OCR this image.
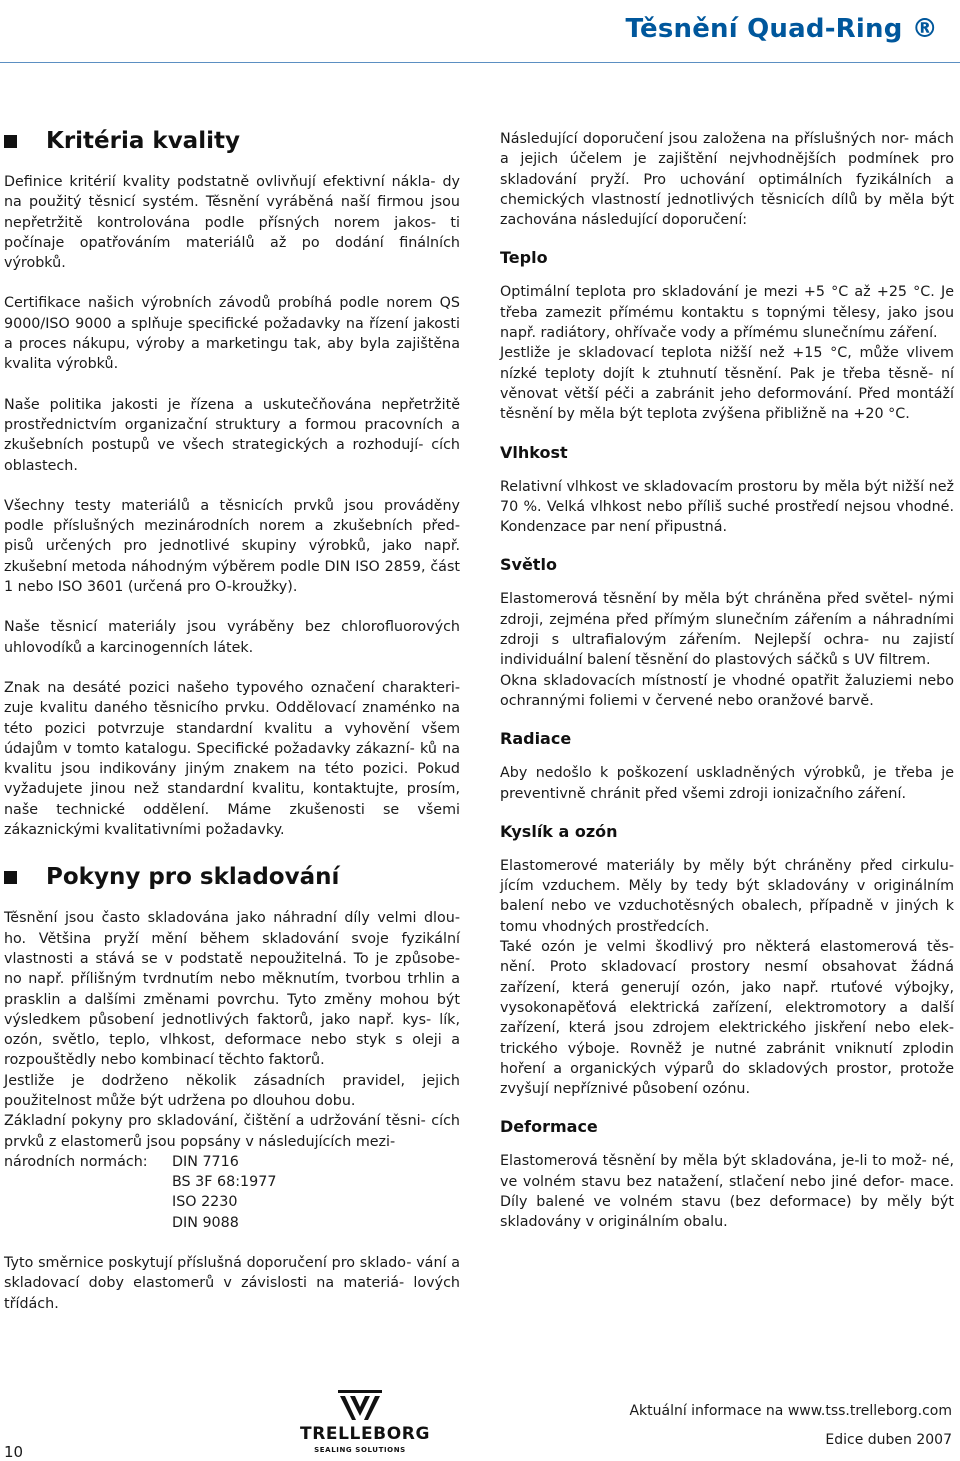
Těsnění Quad-Ring ®
Kritéria kvality

Definice kritérií kvality podstatně ovlivňují efektivní nákla- dy na použitý těsnicí systém. Těsnění vyráběná naší firmou jsou nepřetržitě kontrolována podle přísných norem jakos- ti počínaje opatřováním materiálů až po dodání finálních výrobků.

Certifikace našich výrobních závodů probíhá podle norem QS 9000/ISO 9000 a splňuje specifické požadavky na řízení jakosti a proces nákupu, výroby a marketingu tak, aby byla zajištěna kvalita výrobků.

Naše politika jakosti je řízena a uskutečňována nepřetržitě prostřednictvím organizační struktury a formou pracovních a zkušebních postupů ve všech strategických a rozhodují- cích oblastech.

Všechny testy materiálů a těsnicích prvků jsou prováděny podle příslušných mezinárodních norem a zkušebních před- pisů určených pro jednotlivé skupiny výrobků, jako např. zkušební metoda náhodným výběrem podle DIN ISO 2859, část 1 nebo ISO 3601 (určená pro O-kroužky).

Naše těsnicí materiály jsou vyráběny bez chlorofluorových uhlovodíků a karcinogenních látek.

Znak na desáté pozici našeho typového označení charakteri- zuje kvalitu daného těsnicího prvku. Oddělovací znaménko na této pozici potvrzuje standardní kvalitu a vyhovění všem údajům v tomto katalogu. Specifické požadavky zákazní- ků na kvalitu jsou indikovány jiným znakem na této pozici. Pokud vyžadujete jinou než standardní kvalitu, kontaktujte, prosím, naše technické oddělení. Máme zkušenosti se všemi zákaznickými kvalitativními požadavky.

Pokyny pro skladování

Těsnění jsou často skladována jako náhradní díly velmi dlou- ho. Většina pryží mění během skladování svoje fyzikální vlastnosti a stává se v podstatě nepoužitelná. To je způsobe- no např. přílišným tvrdnutím nebo měknutím, tvorbou trhlin a prasklin a dalšími změnami povrchu. Tyto změny mohou být výsledkem působení jednotlivých faktorů, jako např. kys- lík, ozón, světlo, teplo, vlhkost, deformace nebo styk s oleji a rozpouštědly nebo kombinací těchto faktorů.

Jestliže je dodrženo několik zásadních pravidel, jejich použitelnost může být udržena po dlouhou dobu.

Základní pokyny pro skladování, čištění a udržování těsni- cích prvků z elastomerů jsou popsány v následujících mezi-

národních normách:	DIN 7716
BS 3F 68:1977
ISO 2230
DIN 9088

Tyto směrnice poskytují příslušná doporučení pro sklado- vání a skladovací doby elastomerů v závislosti na materiá- lových třídách.

Následující doporučení jsou založena na příslušných nor- mách a jejich účelem je zajištění nejvhodnějších podmínek pro skladování pryží. Pro uchování optimálních fyzikálních a chemických vlastností jednotlivých těsnicích dílů by měla být zachována následující doporučení:

Teplo

Optimální teplota pro skladování je mezi +5 °C až +25 °C. Je třeba zamezit přímému kontaktu s topnými tělesy, jako jsou např. radiátory, ohřívače vody a přímému slunečnímu záření.

Jestliže je skladovací teplota nižší než +15 °C, může vlivem nízké teploty dojít k ztuhnutí těsnění. Pak je třeba těsně- ní věnovat větší péči a zabránit jeho deformování. Před montáží těsnění by měla být teplota zvýšena přibližně na +20 °C.

Vlhkost

Relativní vlhkost ve skladovacím prostoru by měla být nižší než 70 %. Velká vlhkost nebo příliš suché prostředí nejsou vhodné. Kondenzace par není připustná.

Světlo

Elastomerová těsnění by měla být chráněna před světel- nými zdroji, zejména před přímým slunečním zářením a náhradními zdroji s ultrafialovým zářením. Nejlepší ochra- nu zajistí individuální balení těsnění do plastových sáčků s UV filtrem.

Okna skladovacích místností je vhodné opatřit žaluziemi nebo ochrannými foliemi v červené nebo oranžové barvě.

Radiace

Aby nedošlo k poškození uskladněných výrobků, je třeba je preventivně chránit před všemi zdroji ionizačního záření.

Kyslík a ozón

Elastomerové materiály by měly být chráněny před cirkulu- jícím vzduchem. Měly by tedy být skladovány v originálním balení nebo ve vzduchotěsných obalech, případně v jiných k tomu vhodných prostředcích.

Také ozón je velmi škodlivý pro některá elastomerová těs- nění. Proto skladovací prostory nesmí obsahovat žádná zařízení, která generují ozón, jako např. rtuťové výbojky, vysokonapěťová elektrická zařízení, elektromotory a další zařízení, která jsou zdrojem elektrického jiskření nebo elek- trického výboje. Rovněž je nutné zabránit vniknutí zplodin hoření a organických výparů do skladových prostor, protože zvyšují nepříznivé působení ozónu.

Deformace

Elastomerová těsnění by měla být skladována, je-li to mož- né, ve volném stavu bez natažení, stlačení nebo jiné defor- mace. Díly balené ve volném stavu (bez deformace) by měly být skladovány v originálním obalu.

TRELLEBORG
SEALING SOLUTIONS
Aktuální informace na www.tss.trelleborg.com
Edice duben 2007
10
